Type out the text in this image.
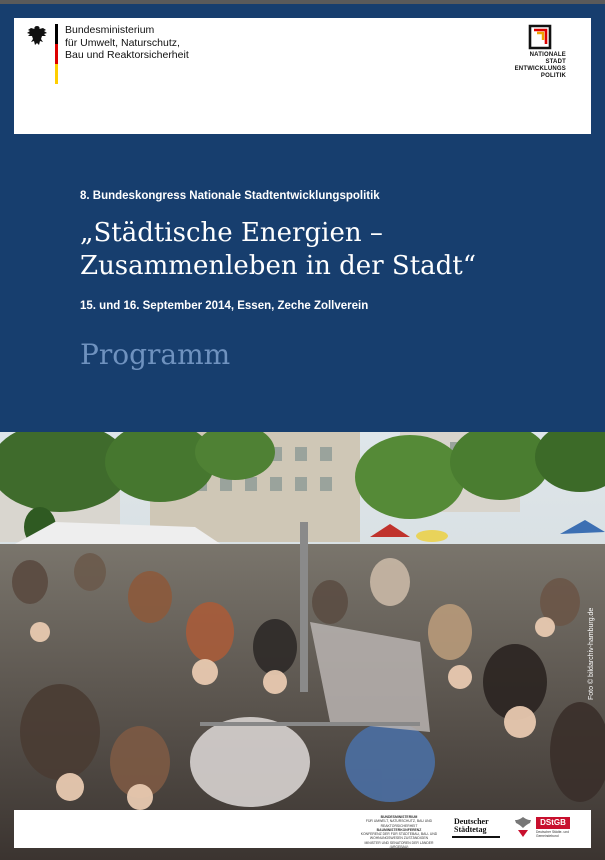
Bundesministerium
für Umwelt, Naturschutz,
Bau und Reaktorsicherheit	NATIONALE
STADT
ENTWICKLUNGS
POLITIK
8. Bundeskongress Nationale Stadtentwicklungspolitik
„Städtische Energien –
Zusammenleben in der Stadt“
15. und 16. September 2014, Essen, Zeche Zollverein
Programm
Foto © bildarchiv-hamburg.de
BUNDESMINISTERIUM
FÜR UMWELT, NATURSCHUTZ, BAU UND REAKTORSICHERHEIT
BAUMINISTERKONFERENZ
KONFERENZ DER FÜR STÄDTEBAU, BAU- UND WOHNUNGSWESEN ZUSTÄNDIGEN
MINISTER UND SENATOREN DER LÄNDER (ARGEBAU)
Deutscher
Städtetag
DStGB
Deutscher Städte- und Gemeindebund
